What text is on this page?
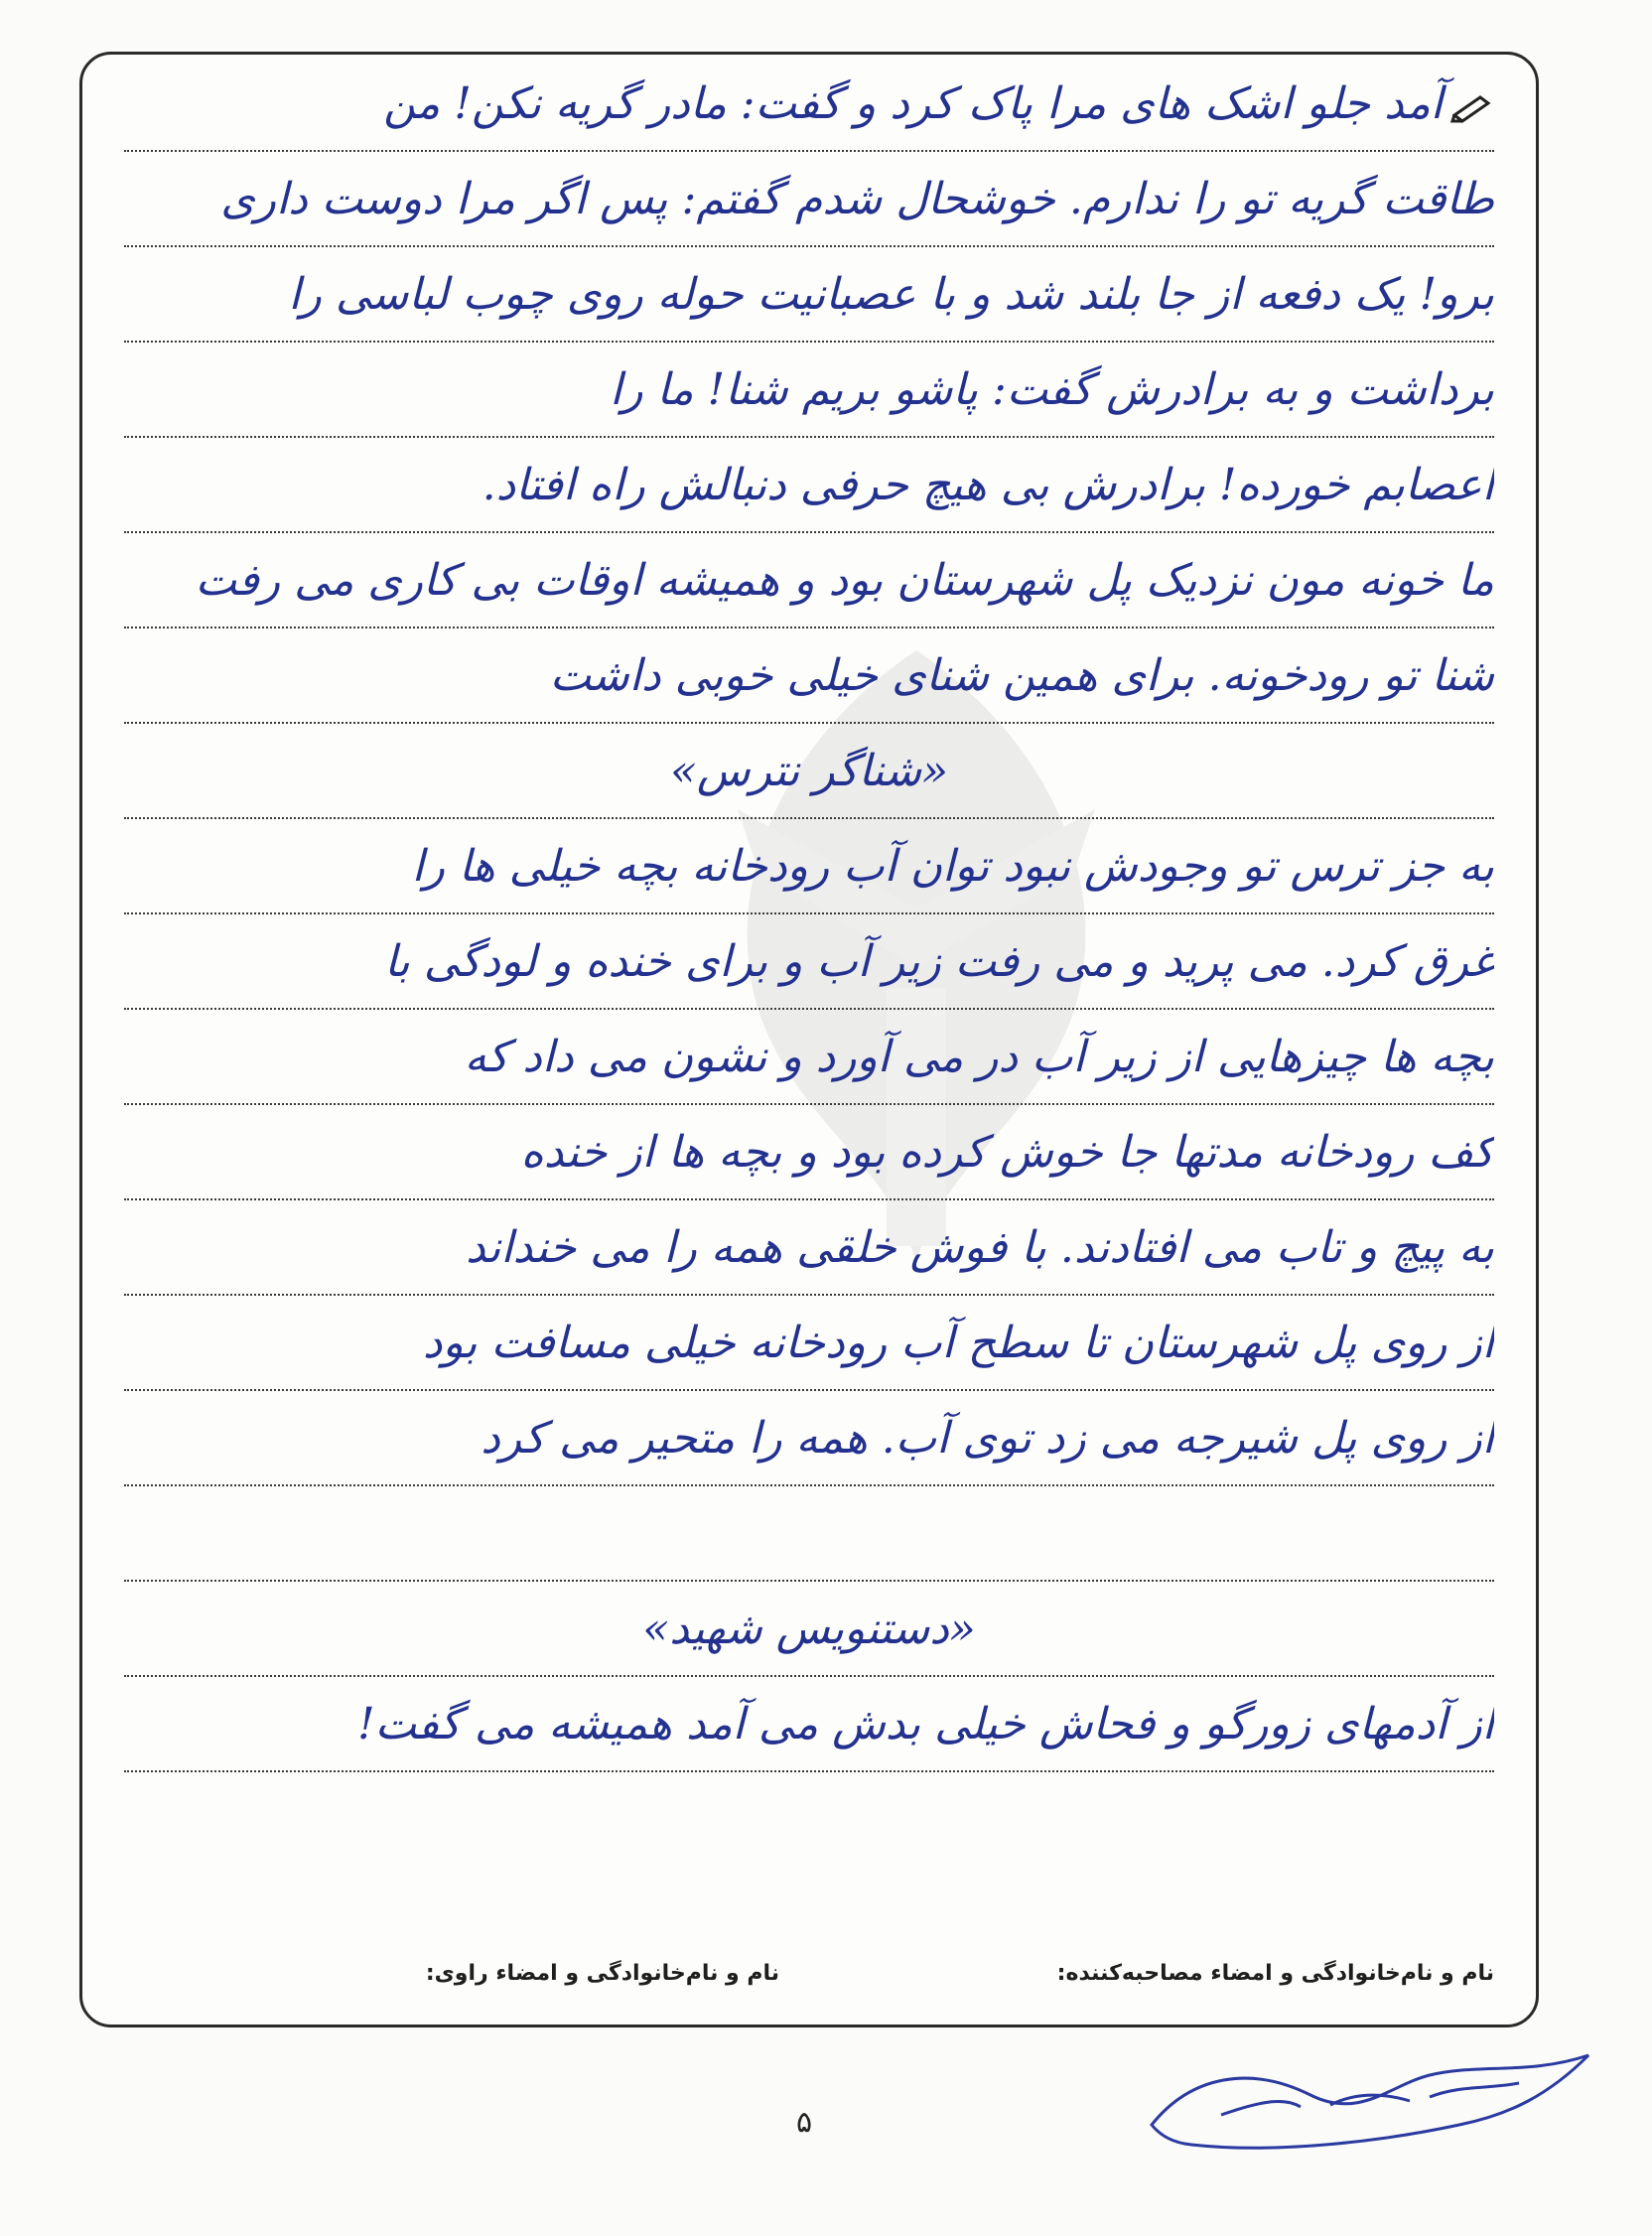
آمد جلو اشک های مرا پاک کرد و گفت: مادر گریه نکن! من
طاقت گریه تو را ندارم. خوشحال شدم گفتم: پس اگر مرا دوست داری
برو! یک دفعه از جا بلند شد و با عصبانیت حوله روی چوب لباسی را
برداشت و به برادرش گفت: پاشو بریم شنا! ما را
اعصابم خورده! برادرش بی هیچ حرفی دنبالش راه افتاد.
ما خونه مون نزدیک پل شهرستان بود و همیشه اوقات بی کاری می رفت
شنا تو رودخونه. برای همین شنای خیلی خوبی داشت
«شناگر نترس»
به جز ترس تو وجودش نبود توان آب رودخانه بچه خیلی ها را
غرق کرد. می پرید و می رفت زیر آب و برای خنده و لودگی با
بچه ها چیزهایی از زیر آب در می آورد و نشون می داد که
کف رودخانه مدتها جا خوش کرده بود و بچه ها از خنده
به پیچ و تاب می افتادند. با فوش خلقی همه را می خنداند
از روی پل شهرستان تا سطح آب رودخانه خیلی مسافت بود
از روی پل شیرجه می زد توی آب. همه را متحیر می کرد
«دستنویس شهید»
از آدمهای زورگو و فحاش خیلی بدش می آمد همیشه می گفت!
نام و نام‌خانوادگی و امضاء مصاحبه‌کننده:
نام و نام‌خانوادگی و امضاء راوی:
۵
